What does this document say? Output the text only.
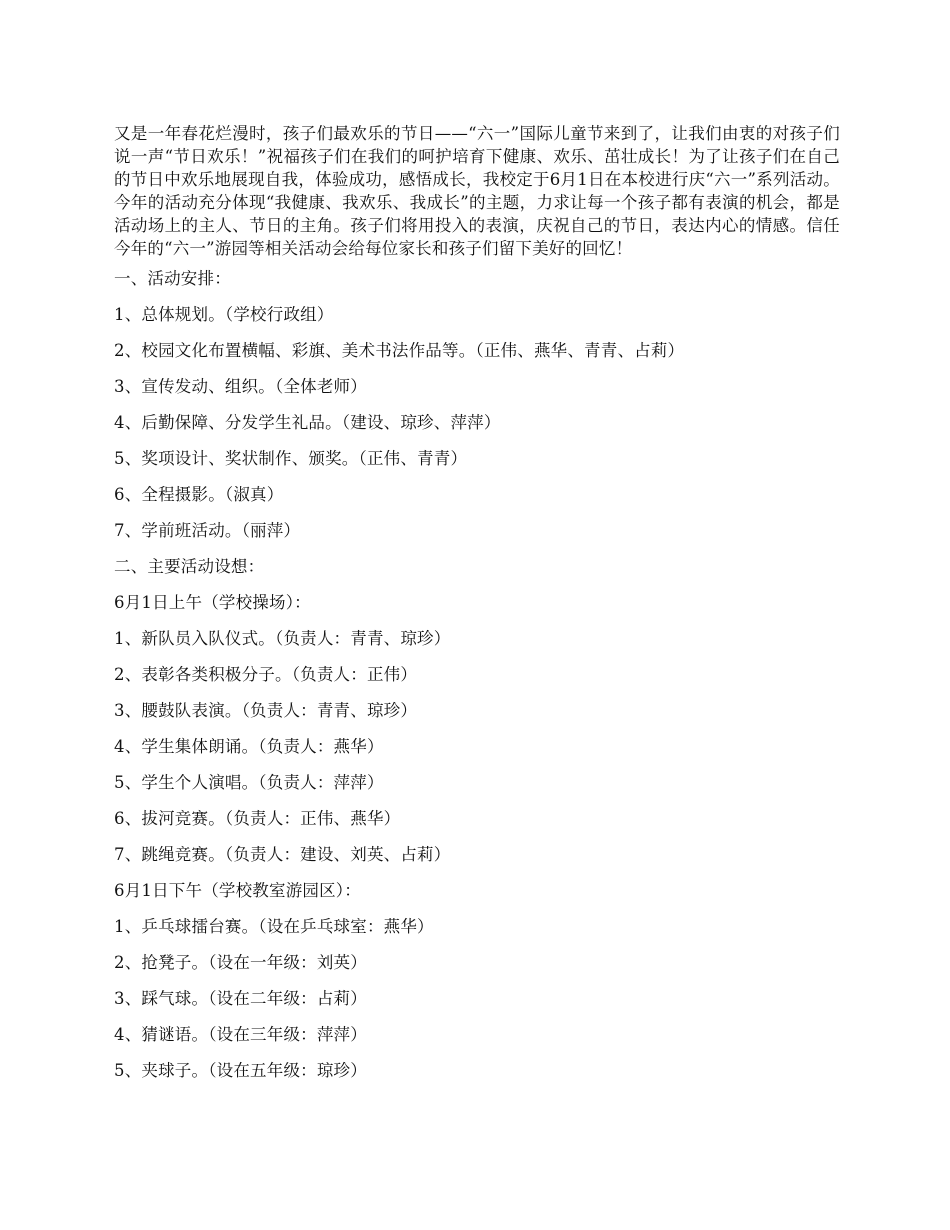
又是一年春花烂漫时，孩子们最欢乐的节日——“六一”国际儿童节来到了，让我们由衷的对孩子们说一声“节日欢乐！”祝福孩子们在我们的呵护培育下健康、欢乐、茁壮成长！为了让孩子们在自己的节日中欢乐地展现自我，体验成功，感悟成长，我校定于6月1日在本校进行庆“六一”系列活动。今年的活动充分体现“我健康、我欢乐、我成长”的主题，力求让每一个孩子都有表演的机会，都是活动场上的主人、节日的主角。孩子们将用投入的表演，庆祝自己的节日，表达内心的情感。信任今年的“六一”游园等相关活动会给每位家长和孩子们留下美好的回忆！

一、活动安排：
1、总体规划。（学校行政组）
2、校园文化布置横幅、彩旗、美术书法作品等。（正伟、燕华、青青、占莉）
3、宣传发动、组织。（全体老师）
4、后勤保障、分发学生礼品。（建设、琼珍、萍萍）
5、奖项设计、奖状制作、颁奖。（正伟、青青）
6、全程摄影。（淑真）
7、学前班活动。（丽萍）
二、主要活动设想：
6月1日上午（学校操场）：
1、新队员入队仪式。（负责人：青青、琼珍）
2、表彰各类积极分子。（负责人：正伟）
3、腰鼓队表演。（负责人：青青、琼珍）
4、学生集体朗诵。（负责人：燕华）
5、学生个人演唱。（负责人：萍萍）
6、拔河竞赛。（负责人：正伟、燕华）
7、跳绳竞赛。（负责人：建设、刘英、占莉）
6月1日下午（学校教室游园区）：
1、乒乓球擂台赛。（设在乒乓球室：燕华）
2、抢凳子。（设在一年级：刘英）
3、踩气球。（设在二年级：占莉）
4、猜谜语。（设在三年级：萍萍）
5、夹球子。（设在五年级：琼珍）
